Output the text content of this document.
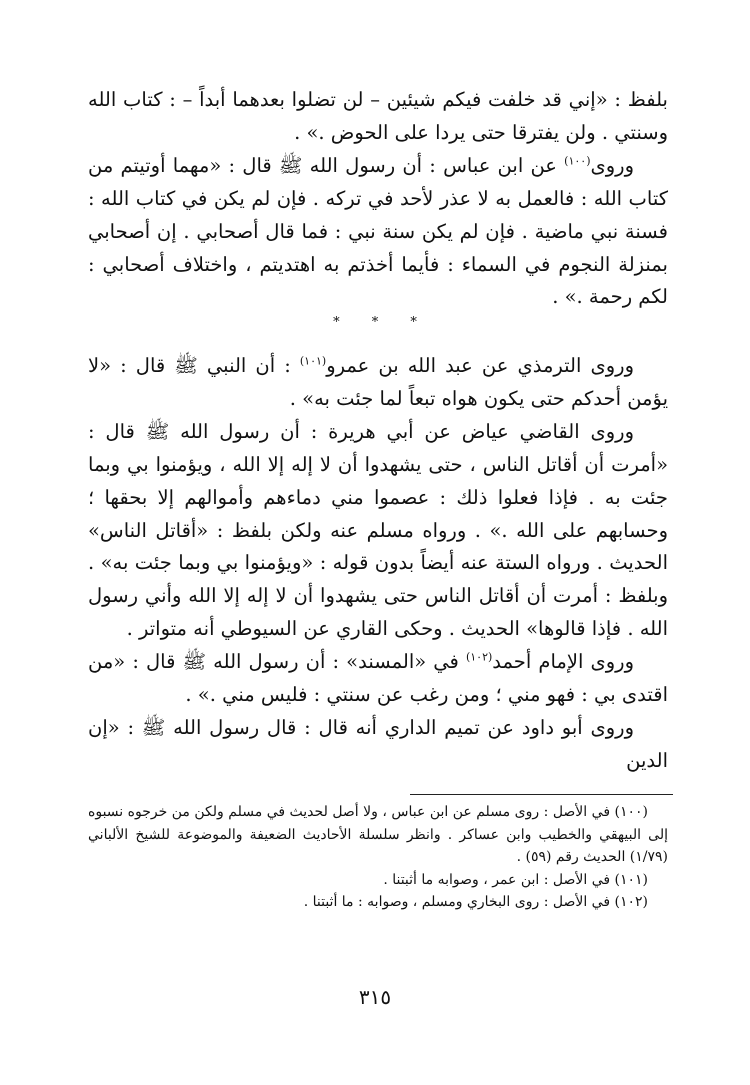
بلفظ : «إني قد خلفت فيكم شيئين – لن تضلوا بعدهما أبداً – : كتاب الله وسنتي . ولن يفترقا حتى يردا على الحوض .» .

وروى$^{(١٠٠)}$ عن ابن عباس : أن رسول الله ﷺ قال : «مهما أوتيتم من كتاب الله : فالعمل به لا عذر لأحد في تركه . فإن لم يكن في كتاب الله : فسنة نبي ماضية . فإن لم يكن سنة نبي : فما قال أصحابي . إن أصحابي بمنزلة النجوم في السماء : فأيما أخذتم به اهتديتم ، واختلاف أصحابي : لكم رحمة .» .

* * *

وروى الترمذي عن عبد الله بن عمرو$^{(١٠١)}$ : أن النبي ﷺ قال : «لا يؤمن أحدكم حتى يكون هواه تبعاً لما جئت به» .

وروى القاضي عياض عن أبي هريرة : أن رسول الله ﷺ قال : «أمرت أن أقاتل الناس ، حتى يشهدوا أن لا إله إلا الله ، ويؤمنوا بي وبما جئت به . فإذا فعلوا ذلك : عصموا مني دماءهم وأموالهم إلا بحقها ؛ وحسابهم على الله .» . ورواه مسلم عنه ولكن بلفظ : «أقاتل الناس» الحديث . ورواه الستة عنه أيضاً بدون قوله : «ويؤمنوا بي وبما جئت به» . وبلفظ : أمرت أن أقاتل الناس حتى يشهدوا أن لا إله إلا الله وأني رسول الله . فإذا قالوها» الحديث . وحكى القاري عن السيوطي أنه متواتر .

وروى الإمام أحمد$^{(١٠٢)}$ في «المسند» : أن رسول الله ﷺ قال : «من اقتدى بي : فهو مني ؛ ومن رغب عن سنتي : فليس مني .» .

وروى أبو داود عن تميم الداري أنه قال : قال رسول الله ﷺ : «إن الدين

(١٠٠) في الأصل : روى مسلم عن ابن عباس ، ولا أصل لحديث في مسلم ولكن من خرجوه نسبوه إلى البيهقي والخطيب وابن عساكر . وانظر سلسلة الأحاديث الضعيفة والموضوعة للشيخ الألباني (١/٧٩) الحديث رقم (٥٩) .

(١٠١) في الأصل : ابن عمر ، وصوابه ما أثبتنا .

(١٠٢) في الأصل : روى البخاري ومسلم ، وصوابه : ما أثبتنا .

٣١٥
